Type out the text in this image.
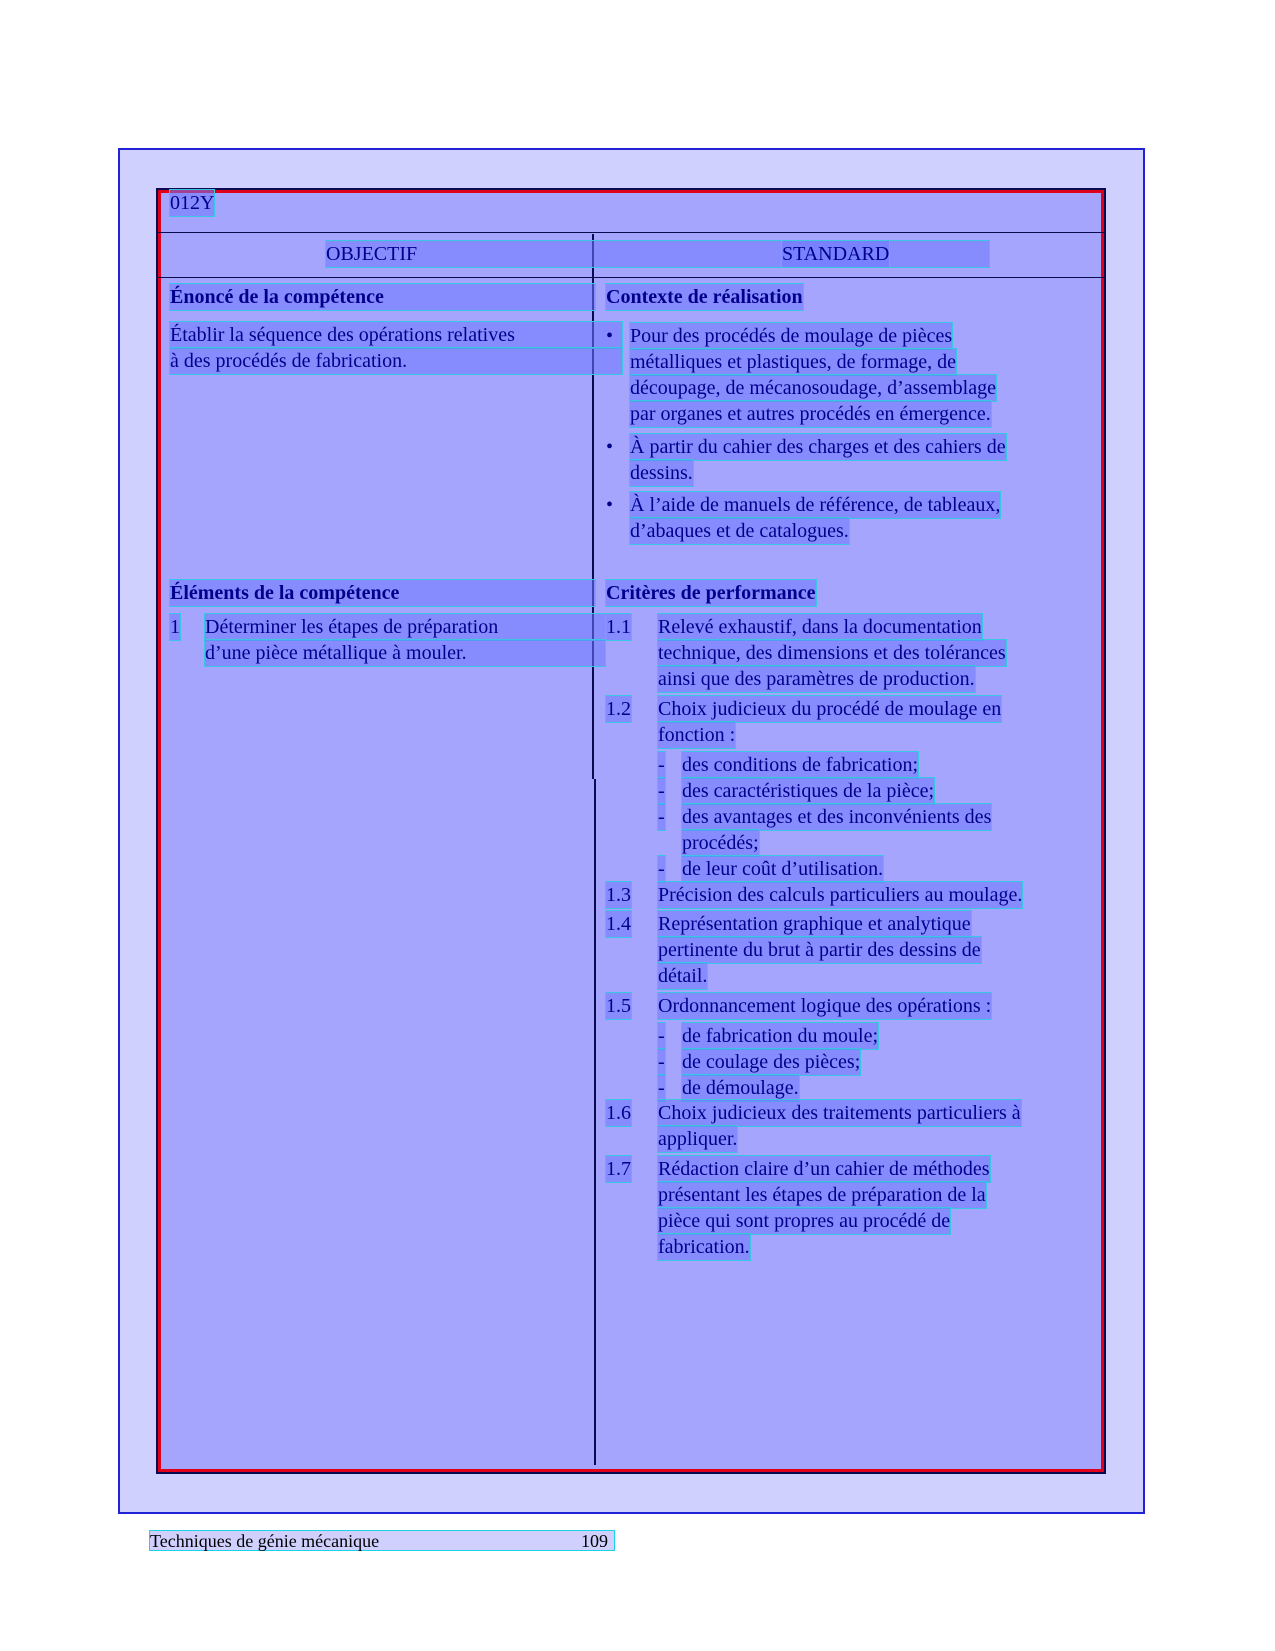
012Y
OBJECTIF	STANDARD
Énoncé de la compétence
Établir la séquence des opérations relatives
à des procédés de fabrication.
Éléments de la compétence
1 Déterminer les étapes de préparation
d’une pièce métallique à mouler.
Contexte de réalisation
• Pour des procédés de moulage de pièces
métalliques et plastiques, de formage, de
découpage, de mécanosoudage, d’assemblage
par organes et autres procédés en émergence.
• À partir du cahier des charges et des cahiers de
dessins.
• À l’aide de manuels de référence, de tableaux,
d’abaques et de catalogues.
Critères de performance
1.1 Relevé exhaustif, dans la documentation
technique, des dimensions et des tolérances
ainsi que des paramètres de production.
1.2 Choix judicieux du procédé de moulage en
fonction :
- des conditions de fabrication;
- des caractéristiques de la pièce;
- des avantages et des inconvénients des
procédés;
- de leur coût d’utilisation.
1.3 Précision des calculs particuliers au moulage.
1.4 Représentation graphique et analytique
pertinente du brut à partir des dessins de
détail.
1.5 Ordonnancement logique des opérations :
- de fabrication du moule;
- de coulage des pièces;
- de démoulage.
1.6 Choix judicieux des traitements particuliers à
appliquer.
1.7 Rédaction claire d’un cahier de méthodes
présentant les étapes de préparation de la
pièce qui sont propres au procédé de
fabrication.
Techniques de génie mécanique	109
